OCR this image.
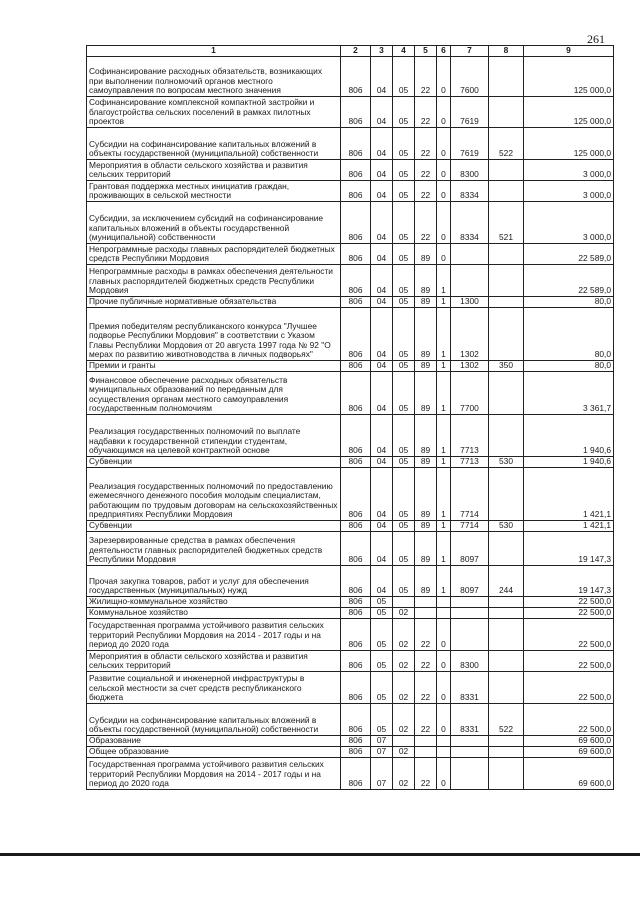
261
1	2	3	4	5	6	7	8	9
Софинансирование расходных обязательств, возникающих при выполнении полномочий органов местного самоуправления по вопросам местного значения	806	04	05	22	0	7600		125 000,0
Софинансирование комплексной компактной застройки и благоустройства сельских поселений в рамках пилотных проектов	806	04	05	22	0	7619		125 000,0
Субсидии на софинансирование капитальных вложений в объекты государственной (муниципальной) собственности	806	04	05	22	0	7619	522	125 000,0
Мероприятия в области сельского хозяйства и развития сельских территорий	806	04	05	22	0	8300		3 000,0
Грантовая поддержка местных инициатив граждан, проживающих в сельской местности	806	04	05	22	0	8334		3 000,0
Субсидии, за исключением субсидий на софинансирование капитальных вложений в объекты государственной (муниципальной) собственности	806	04	05	22	0	8334	521	3 000,0
Непрограммные расходы главных распорядителей бюджетных средств Республики Мордовия	806	04	05	89	0			22 589,0
Непрограммные расходы в рамках обеспечения деятельности главных распорядителей бюджетных средств Республики Мордовия	806	04	05	89	1			22 589,0
Прочие публичные нормативные обязательства	806	04	05	89	1	1300		80,0
Премия победителям республиканского конкурса "Лучшее подворье Республики Мордовия" в соответствии с Указом Главы Республики Мордовия от 20 августа 1997 года № 92 "О мерах по развитию животноводства в личных подворьях"	806	04	05	89	1	1302		80,0
Премии и гранты	806	04	05	89	1	1302	350	80,0
Финансовое обеспечение расходных обязательств муниципальных образований по переданным для осуществления органам местного самоуправления государственным полномочиям	806	04	05	89	1	7700		3 361,7
Реализация государственных полномочий по выплате надбавки к государственной стипендии студентам, обучающимся на целевой контрактной основе	806	04	05	89	1	7713		1 940,6
Субвенции	806	04	05	89	1	7713	530	1 940,6
Реализация государственных полномочий по предоставлению ежемесячного денежного пособия молодым специалистам, работающим по трудовым договорам на сельскохозяйственных предприятиях Республики Мордовия	806	04	05	89	1	7714		1 421,1
Субвенции	806	04	05	89	1	7714	530	1 421,1
Зарезервированные средства в рамках обеспечения деятельности главных распорядителей бюджетных средств Республики Мордовия	806	04	05	89	1	8097		19 147,3
Прочая закупка товаров, работ и услуг для обеспечения государственных (муниципальных) нужд	806	04	05	89	1	8097	244	19 147,3
Жилищно-коммунальное хозяйство	806	05						22 500,0
Коммунальное хозяйство	806	05	02					22 500,0
Государственная программа устойчивого развития сельских территорий Республики Мордовия на 2014 - 2017 годы и на период до 2020 года	806	05	02	22	0			22 500,0
Мероприятия в области сельского хозяйства и развития сельских территорий	806	05	02	22	0	8300		22 500,0
Развитие социальной и инженерной инфраструктуры в сельской местности за счет средств республиканского бюджета	806	05	02	22	0	8331		22 500,0
Субсидии на софинансирование капитальных вложений в объекты государственной (муниципальной) собственности	806	05	02	22	0	8331	522	22 500,0
Образование	806	07						69 600,0
Общее образование	806	07	02					69 600,0
Государственная программа устойчивого развития сельских территорий Республики Мордовия на 2014 - 2017 годы и на период до 2020 года	806	07	02	22	0			69 600,0
